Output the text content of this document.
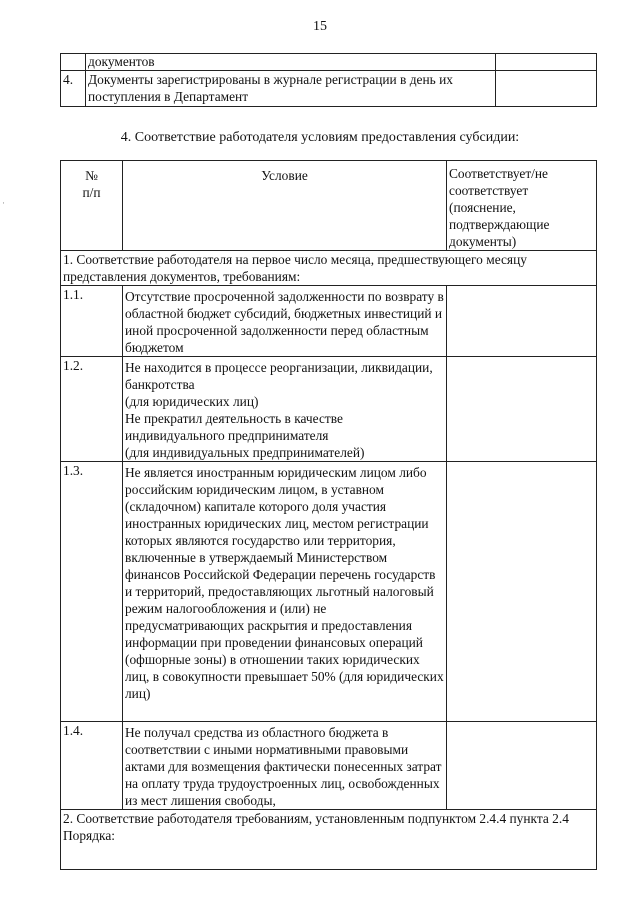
15
	документов	
4.	Документы зарегистрированы в журнале регистрации в день их поступления в Департамент	
4. Соответствие работодателя условиям предоставления субсидии:
·
№ п/п	Условие	Соответствует/не соответствует (пояснение, подтверждающие документы)
1. Соответствие работодателя на первое число месяца, предшествующего месяцу представления документов, требованиям:		
1.1.	Отсутствие просроченной задолженности по возврату в областной бюджет субсидий, бюджетных инвестиций и иной просроченной задолженности перед областным бюджетом	
1.2.	Не находится в процессе реорганизации, ликвидации, банкротства
(для юридических лиц)
Не прекратил деятельность в качестве индивидуального предпринимателя
(для индивидуальных предпринимателей)	

1.3.	Не является иностранным юридическим лицом либо российским юридическим лицом, в уставном (складочном) капитале которого доля участия иностранных юридических лиц, местом регистрации которых являются государство или территория, включенные в утверждаемый Министерством финансов Российской Федерации перечень государств и территорий, предоставляющих льготный налоговый режим налогообложения и (или) не предусматривающих раскрытия и предоставления информации при проведении финансовых операций (офшорные зоны) в отношении таких юридических лиц, в совокупности превышает 50% (для юридических лиц)	
1.4.	Не получал средства из областного бюджета в соответствии с иными нормативными правовыми актами для возмещения фактически понесенных затрат на оплату труда трудоустроенных лиц, освобожденных из мест лишения свободы,	
2. Соответствие работодателя требованиям, установленным подпунктом 2.4.4 пункта 2.4 Порядка:		
